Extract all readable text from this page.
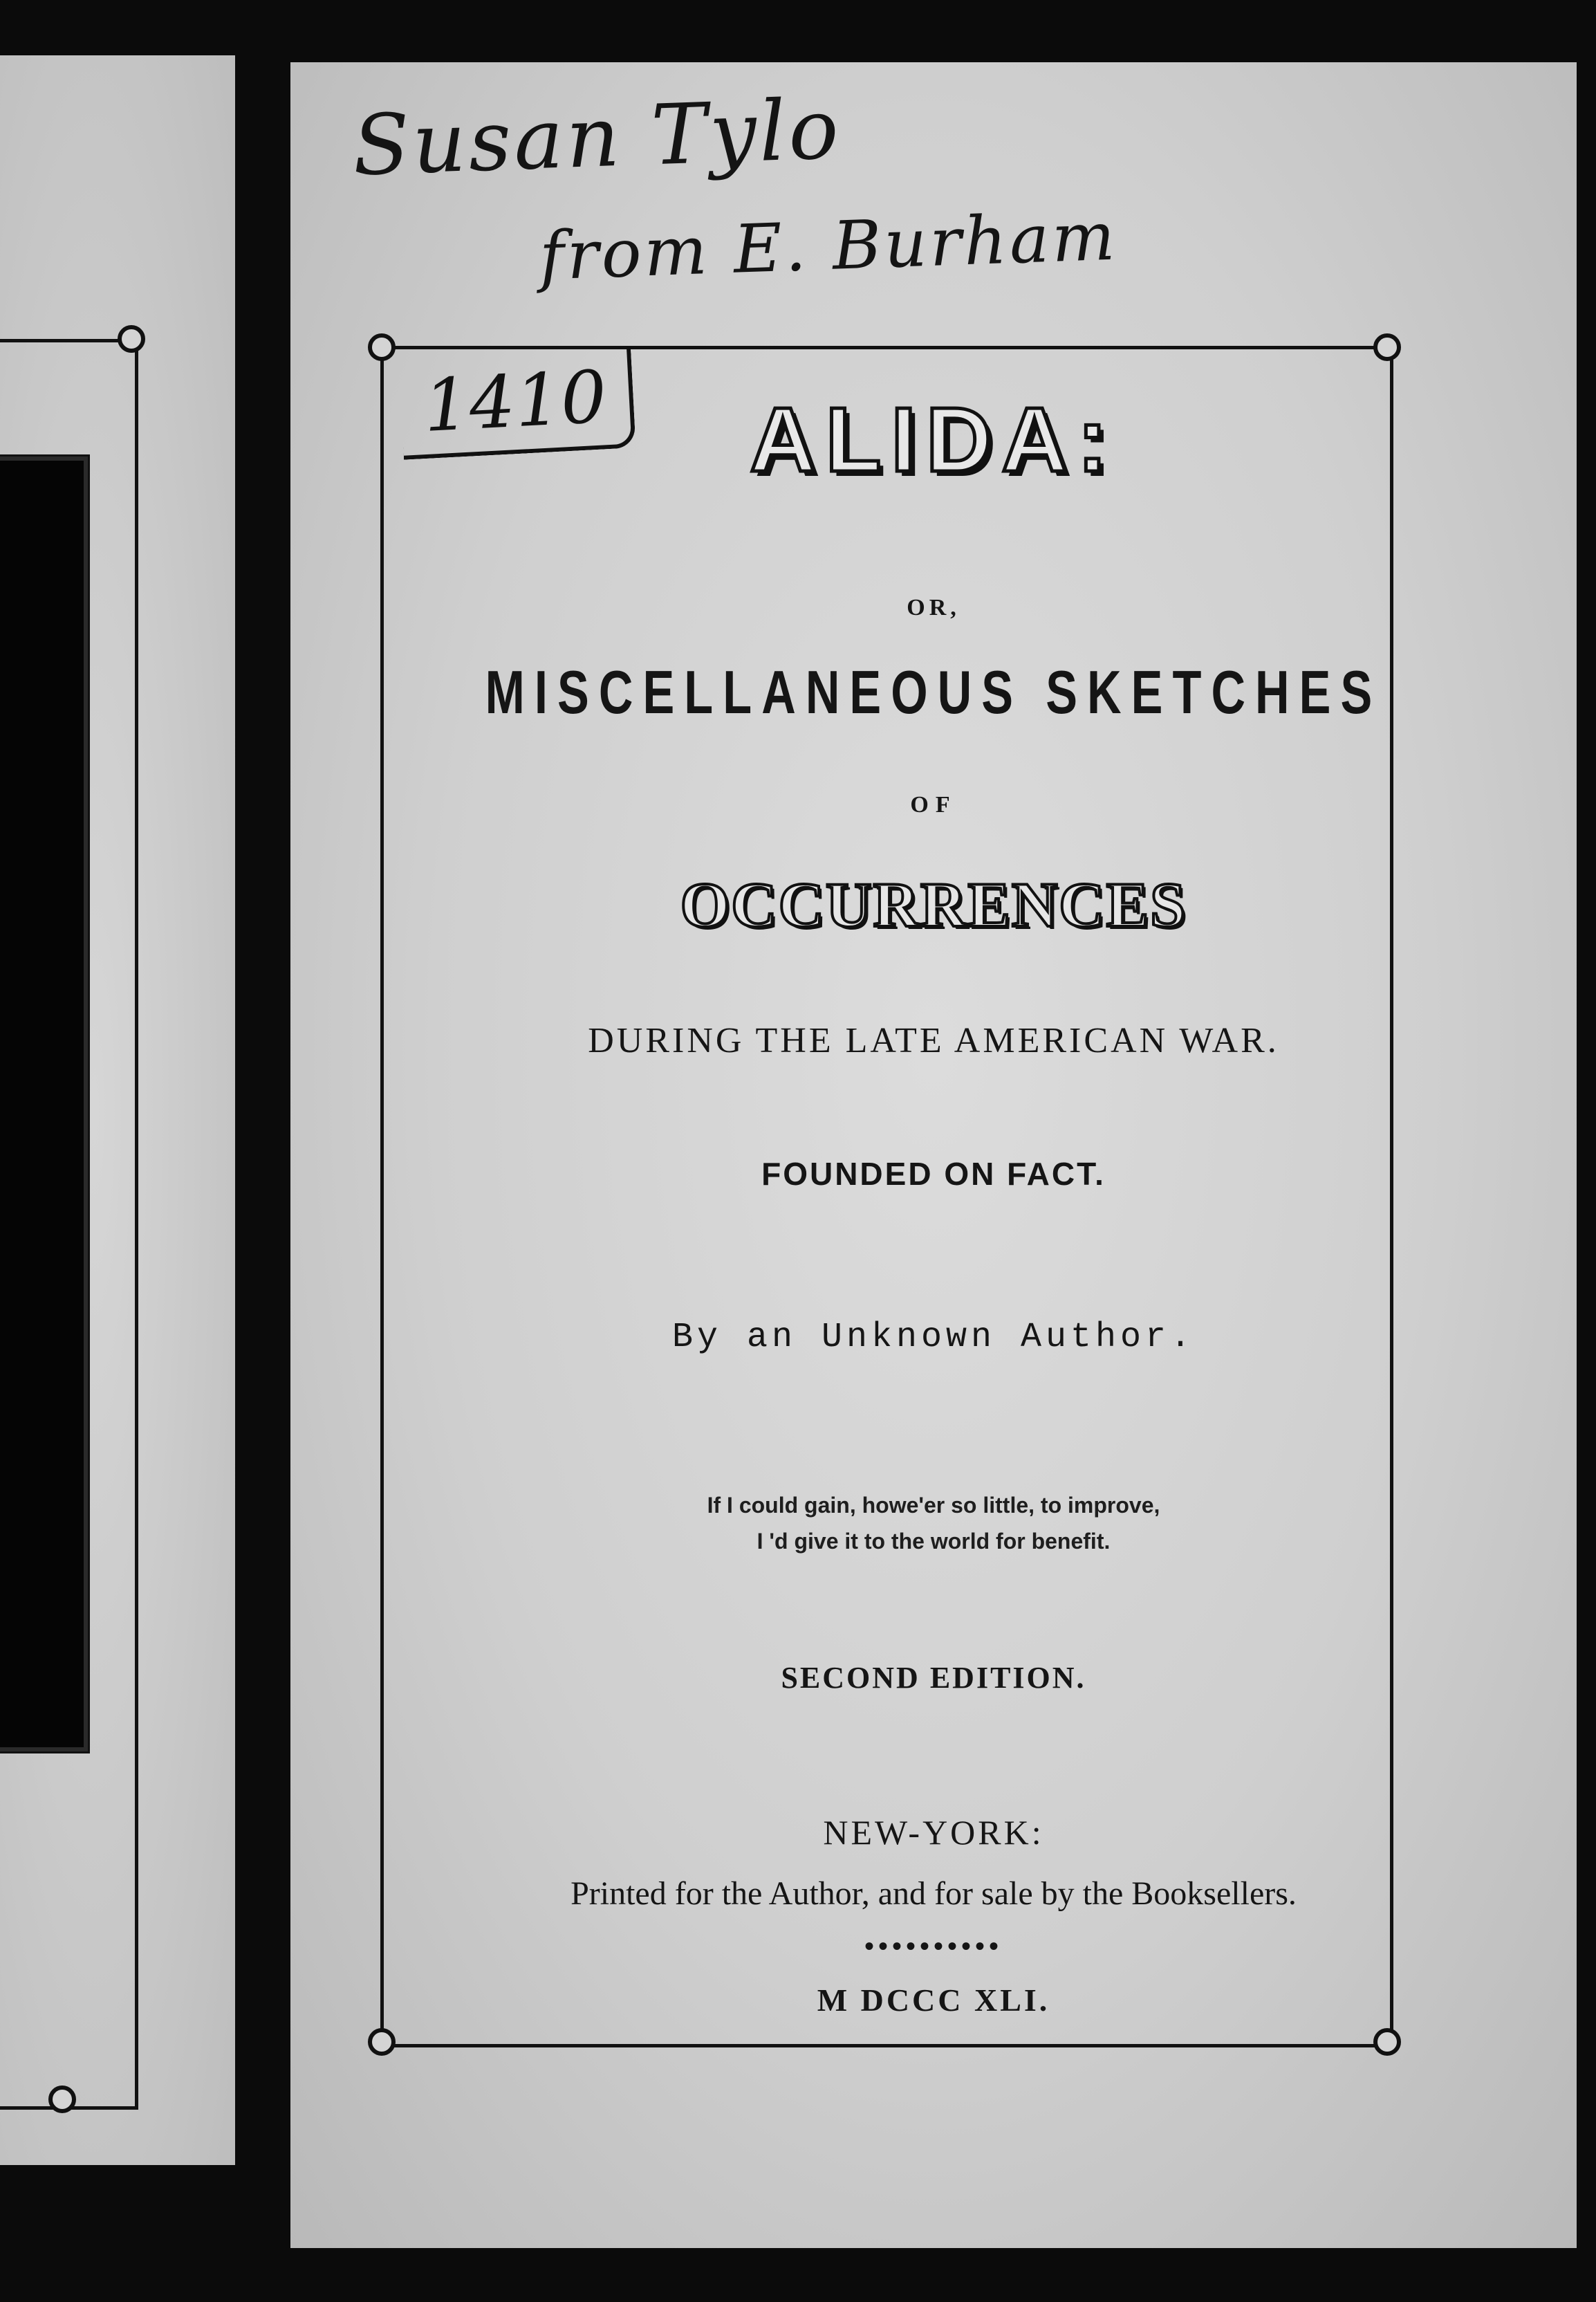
Susan Tylo
from E. Burham
1410	ALIDA:
OR,
MISCELLANEOUS SKETCHES
OF
OCCURRENCES
DURING THE LATE AMERICAN WAR.
FOUNDED ON FACT.
By an Unknown Author.
If I could gain, howe'er so little, to improve,
I 'd give it to the world for benefit.
SECOND EDITION.
NEW-YORK:
Printed for the Author, and for sale by the Booksellers.
••••••••••
M DCCC XLI.
